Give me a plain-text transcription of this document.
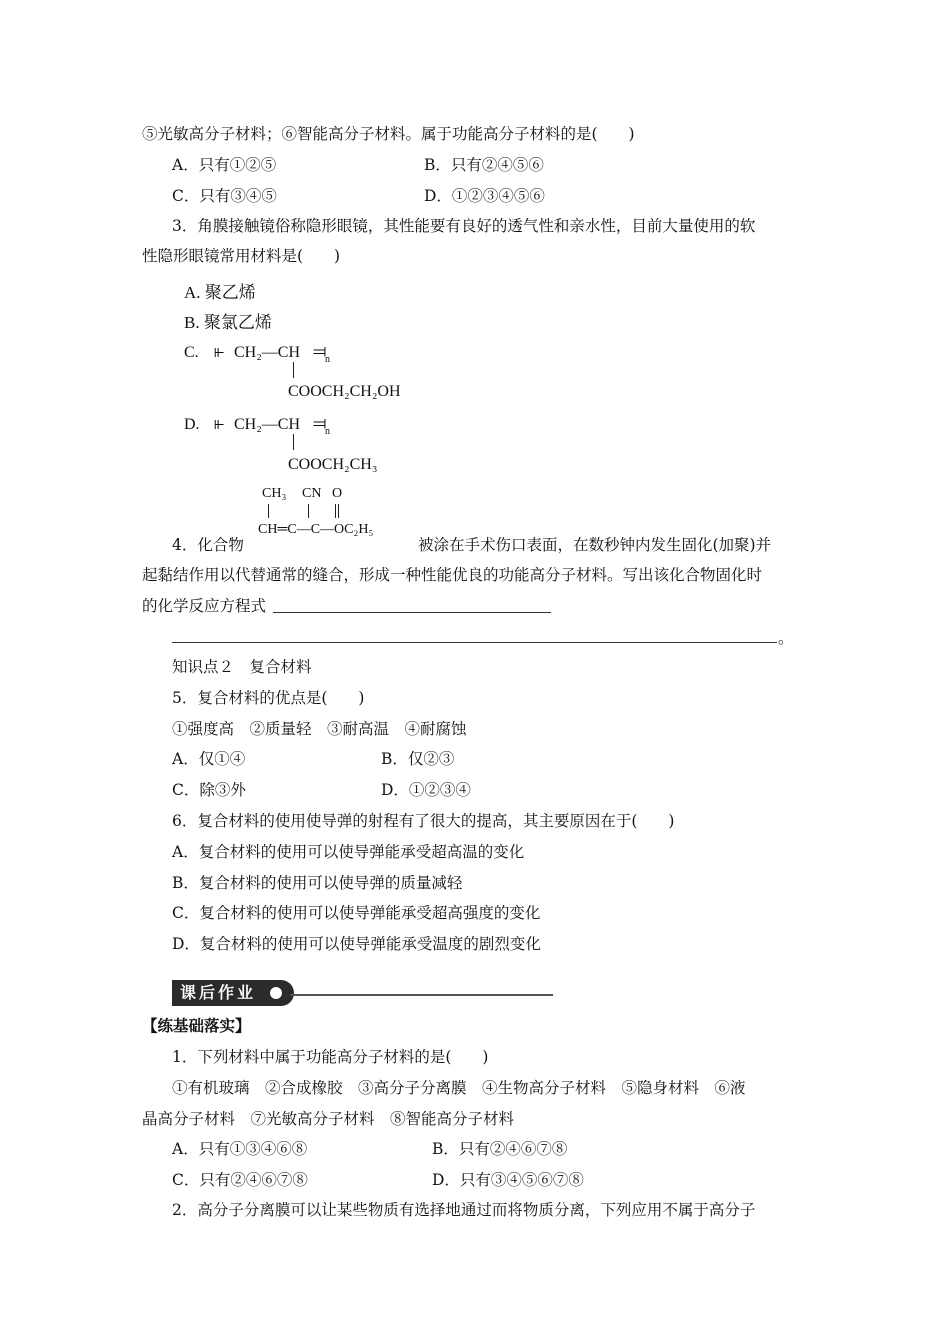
⑤光敏高分子材料；⑥智能高分子材料。属于功能高分子材料的是(　　)
A．只有①②⑤	B．只有②④⑤⑥
C．只有③④⑤	D．①②③④⑤⑥
3．角膜接触镜俗称隐形眼镜，其性能要有良好的透气性和亲水性，目前大量使用的软
性隐形眼镜常用材料是(　　)
A. 聚乙烯
B. 聚氯乙烯
C. ⫦ CH₂—CH ⫤
n
COOCH₂CH₂OH
D. ⫦ CH₂—CH ⫤
n
COOCH₂CH₃
CH₃ CN O
CH═C—C—OC₂H₅
4．化合物	被涂在手术伤口表面，在数秒钟内发生固化(加聚)并
起黏结作用以代替通常的缝合，形成一种性能优良的功能高分子材料。写出该化合物固化时
的化学反应方程式
。
知识点２　复合材料
5．复合材料的优点是(　　)
①强度高　②质量轻　③耐高温　④耐腐蚀
A．仅①④	B．仅②③
C．除③外	D．①②③④
6．复合材料的使用使导弹的射程有了很大的提高，其主要原因在于(　　)
A．复合材料的使用可以使导弹能承受超高温的变化
B．复合材料的使用可以使导弹的质量减轻
C．复合材料的使用可以使导弹能承受超高强度的变化
D．复合材料的使用可以使导弹能承受温度的剧烈变化
课后作业
【练基础落实】
1．下列材料中属于功能高分子材料的是(　　)
①有机玻璃　②合成橡胶　③高分子分离膜　④生物高分子材料　⑤隐身材料　⑥液
晶高分子材料　⑦光敏高分子材料　⑧智能高分子材料
A．只有①③④⑥⑧	B．只有②④⑥⑦⑧
C．只有②④⑥⑦⑧	D．只有③④⑤⑥⑦⑧
2．高分子分离膜可以让某些物质有选择地通过而将物质分离，下列应用不属于高分子
